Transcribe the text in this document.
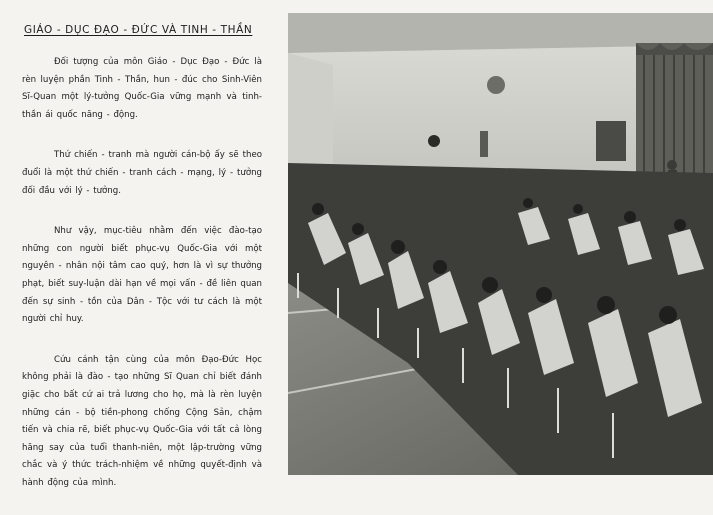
GIÁO - DỤC ĐẠO - ĐỨC VÀ TINH - THẦN

Đối tượng của môn Giáo - Dục Đạo - Đức là rèn luyện phần Tinh - Thần, hun - đúc cho Sinh-Viên Sĩ-Quan một lý-tưởng Quốc-Gia vững mạnh và tinh-thần ái quốc năng - động.

Thứ chiến - tranh mà người cán-bộ ấy sẽ theo đuổi là một thứ chiến - tranh cách - mạng, lý - tưởng đối đầu với lý - tưởng.

Như vậy, mục-tiêu nhằm đến việc đào-tạo những con người biết phục-vụ Quốc-Gia với một nguyên - nhân nội tâm cao quý, hơn là vì sự thưởng phạt, biết suy-luận dài hạn về mọi vấn - đề liên quan đến sự sinh - tồn của Dân - Tộc với tư cách là một người chỉ huy.

Cứu cánh tận cùng của môn Đạo-Đức Học không phải là đào - tạo những Sĩ Quan chỉ biết đánh giặc cho bất cứ ai trả lương cho họ, mà là rèn luyện những cán - bộ tiền-phong chống Cộng Sản, chậm tiến và chia rẽ, biết phục-vụ Quốc-Gia với tất cả lòng hăng say của tuổi thanh-niên, một lập-trường vững chắc và ý thức trách-nhiệm về những quyết-định và hành động của mình.
